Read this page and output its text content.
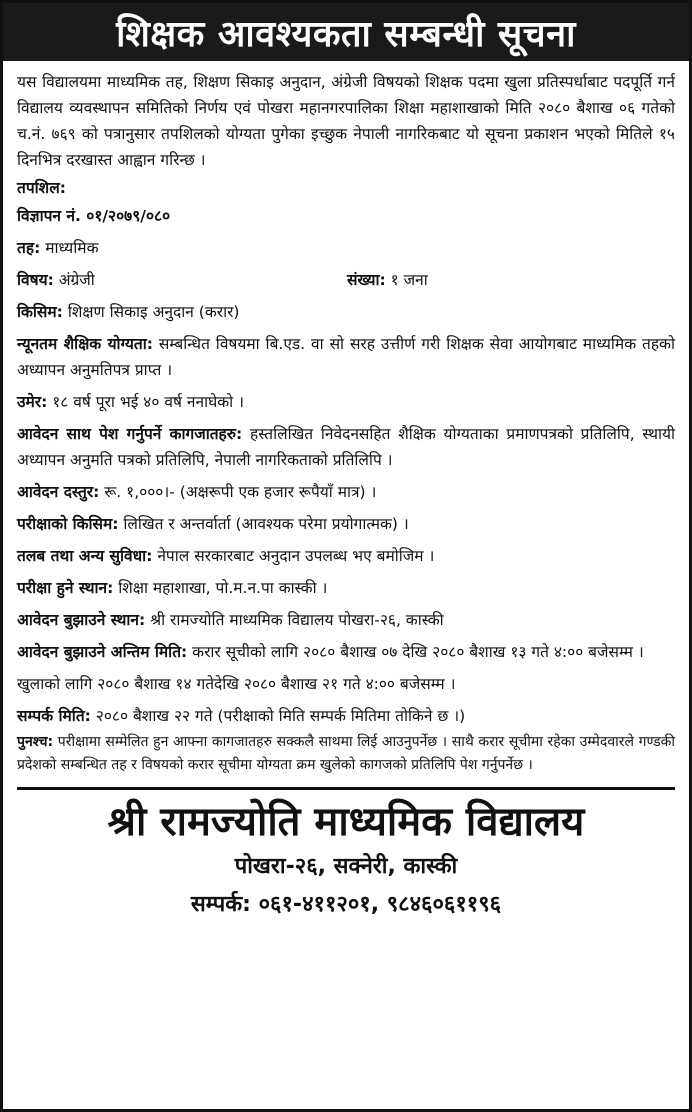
शिक्षक आवश्यकता सम्बन्धी सूचना

यस विद्यालयमा माध्यमिक तह, शिक्षण सिकाइ अनुदान, अंग्रेजी विषयको शिक्षक पदमा खुला प्रतिस्पर्धाबाट पदपूर्ति गर्न विद्यालय व्यवस्थापन समितिको निर्णय एवं पोखरा महानगरपालिका शिक्षा महाशाखाको मिति २०८० बैशाख ०६ गतेको च.नं. ७६९ को पत्रानुसार तपशिलको योग्यता पुगेका इच्छुक नेपाली नागरिकबाट यो सूचना प्रकाशन भएको मितिले १५ दिनभित्र दरखास्त आह्वान गरिन्छ ।

तपशिल:
विज्ञापन नं. ०१/२०७९/०८०
तह: माध्यमिक
विषय: अंग्रेजी	संख्या: १ जना
किसिम: शिक्षण सिकाइ अनुदान (करार)
न्यूनतम शैक्षिक योग्यता: सम्बन्धित विषयमा बि.एड. वा सो सरह उत्तीर्ण गरी शिक्षक सेवा आयोगबाट माध्यमिक तहको अध्यापन अनुमतिपत्र प्राप्त ।
उमेर: १८ वर्ष पूरा भई ४० वर्ष ननाघेको ।
आवेदन साथ पेश गर्नुपर्ने कागजातहरु: हस्तलिखित निवेदनसहित शैक्षिक योग्यताका प्रमाणपत्रको प्रतिलिपि, स्थायी अध्यापन अनुमति पत्रको प्रतिलिपि, नेपाली नागरिकताको प्रतिलिपि ।
आवेदन दस्तुर: रू. १,०००।- (अक्षरूपी एक हजार रूपैयाँ मात्र) ।
परीक्षाको किसिम: लिखित र अन्तर्वार्ता (आवश्यक परेमा प्रयोगात्मक) ।
तलब तथा अन्य सुविधा: नेपाल सरकारबाट अनुदान उपलब्ध भए बमोजिम ।
परीक्षा हुने स्थान: शिक्षा महाशाखा, पो.म.न.पा कास्की ।
आवेदन बुझाउने स्थान: श्री रामज्योति माध्यमिक विद्यालय पोखरा-२६, कास्की
आवेदन बुझाउने अन्तिम मिति: करार सूचीको लागि २०८० बैशाख ०७ देखि २०८० बैशाख १३ गते ४:०० बजेसम्म ।
खुलाको लागि २०८० बैशाख १४ गतेदेखि २०८० बैशाख २१ गते ४:०० बजेसम्म ।
सम्पर्क मिति: २०८० बैशाख २२ गते (परीक्षाको मिति सम्पर्क मितिमा तोकिने छ ।)
पुनश्च: परीक्षामा सम्मेलित हुन आफ्ना कागजातहरु सक्कलै साथमा लिई आउनुपर्नेछ । साथै करार सूचीमा रहेका उम्मेदवारले गण्डकी प्रदेशको सम्बन्धित तह र विषयको करार सूचीमा योग्यता क्रम खुलेको कागजको प्रतिलिपि पेश गर्नुपर्नेछ ।
श्री रामज्योति माध्यमिक विद्यालय
पोखरा-२६, सक्नेरी, कास्की
सम्पर्क: ०६१-४११२०१, ९८४६०६११९६
